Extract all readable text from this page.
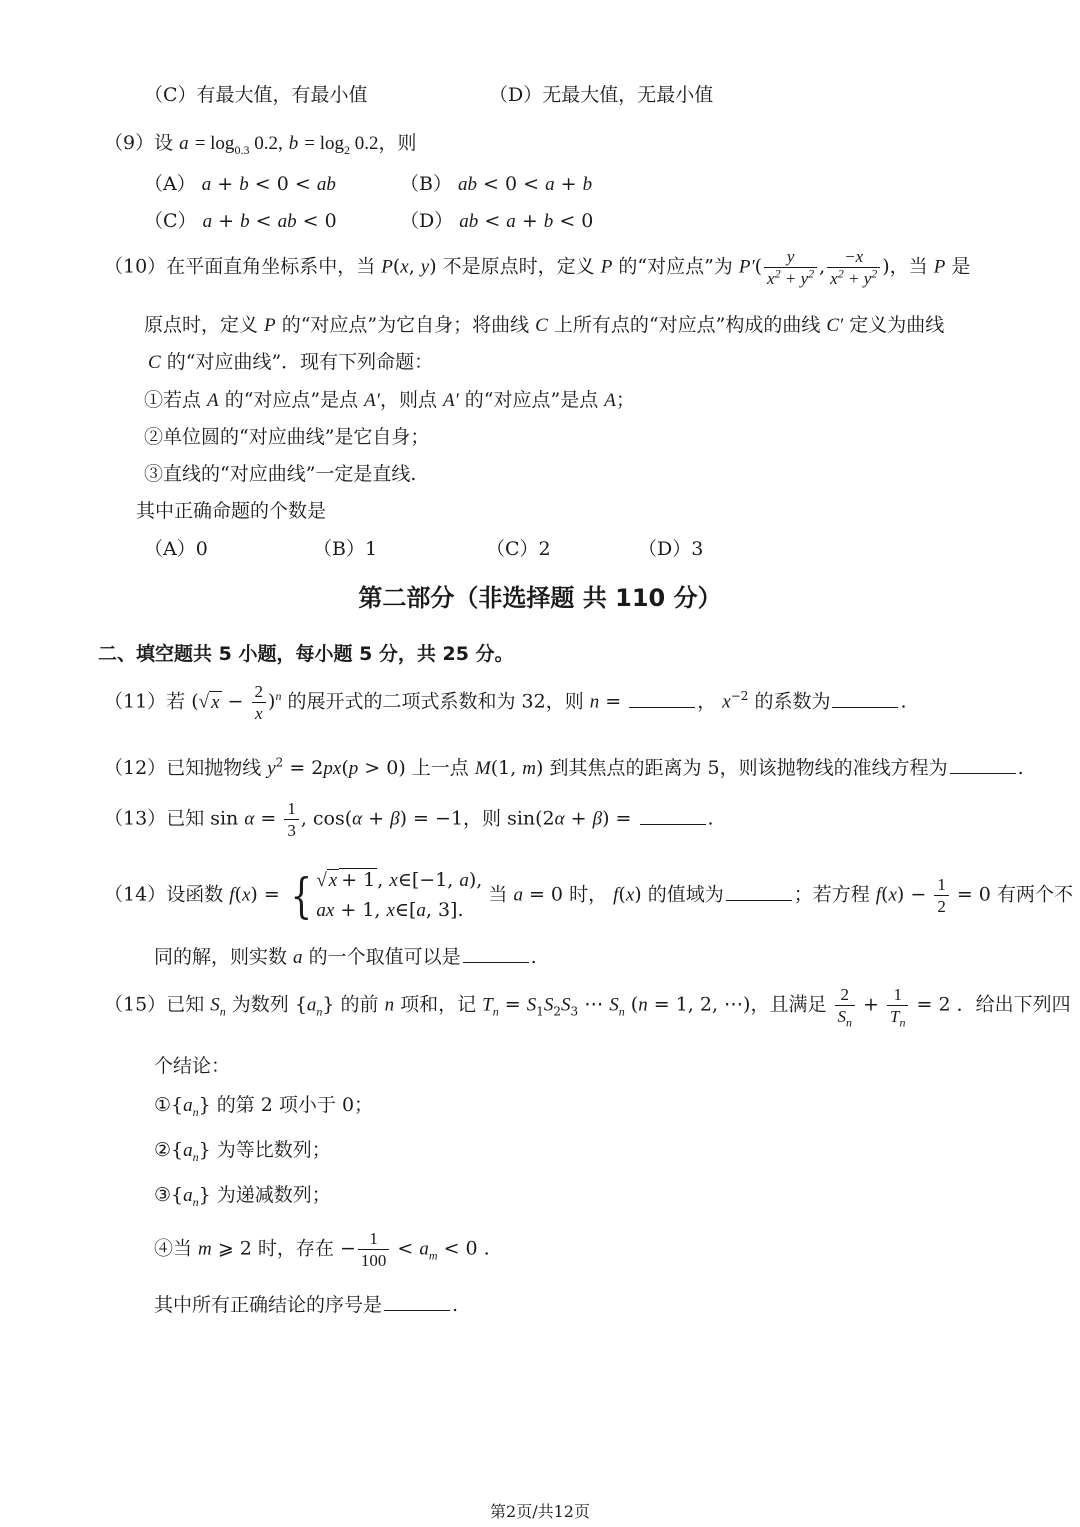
（C）有最大值，有最小值	（D）无最大值，无最小值
（9）设 $a = \log_{0.3} 0.2$, $b = \log_2 0.2$，则
（A） a + b < 0 < ab	（B） ab < 0 < a + b
（C） a + b < ab < 0	（D） ab < a + b < 0
（10）在平面直角坐标系中，当 P(x, y) 不是原点时，定义 P 的“对应点”为 $P'( \frac{y}{x^2 + y^2}$ , $\frac{-x}{x^2 + y^2}$ )，当 P 是
原点时，定义 P 的“对应点”为它自身；将曲线 C 上所有点的“对应点”构成的曲线 C′ 定义为曲线
C 的“对应曲线”．现有下列命题：
①若点 A 的“对应点”是点 A′，则点 A′ 的“对应点”是点 A；
②单位圆的“对应曲线”是它自身；
③直线的“对应曲线”一定是直线.
其中正确命题的个数是
（A）0	（B）1	（C）2	（D）3
第二部分（非选择题 共 110 分）
二、填空题共 5 小题，每小题 5 分，共 25 分。
（11）若 (√ $x - \frac{2}{x} )^n$ 的展开式的二项式系数和为 32，则 n =	， $x^{-2}$ 的系数为	.
（12）已知抛物线 $y^2 = 2px(p > 0)$ 上一点 M(1, m) 到其焦点的距离为 5，则该抛物线的准线方程为	.
（13）已知 $\sin \alpha = \frac{1}{3}$ , cos(α + β) = −1，则 sin(2α + β) =	.
（14）设函数 f(x) = { √ x + 1 , x∈[−1, a),
ax + 1, x∈[a, 3].
当 a = 0 时， f(x) 的值域为	；若方程 $f(x) - \frac{1}{2} = 0$ 有两个不
同的解，则实数 a 的一个取值可以是	.
（15）已知 $S_n$ 为数列 $\{a_n\}$ 的前 n 项和，记 $T_n = S_1S_2S_3$ ⋯ $S_n$ (n = 1, 2, ⋯)，且满足 $\frac{2}{S_n} + \frac{1}{T_n} = 2$ ．给出下列四
个结论：
$①\{a_n\}$ 的第 2 项小于 0；
$②\{a_n\}$ 为等比数列；
$③\{a_n\}$ 为递减数列；
④当 m ⩾ 2 时，存在 − $\frac{1}{100} < a_m < 0$ .
其中所有正确结论的序号是	.
第2页/共12页
